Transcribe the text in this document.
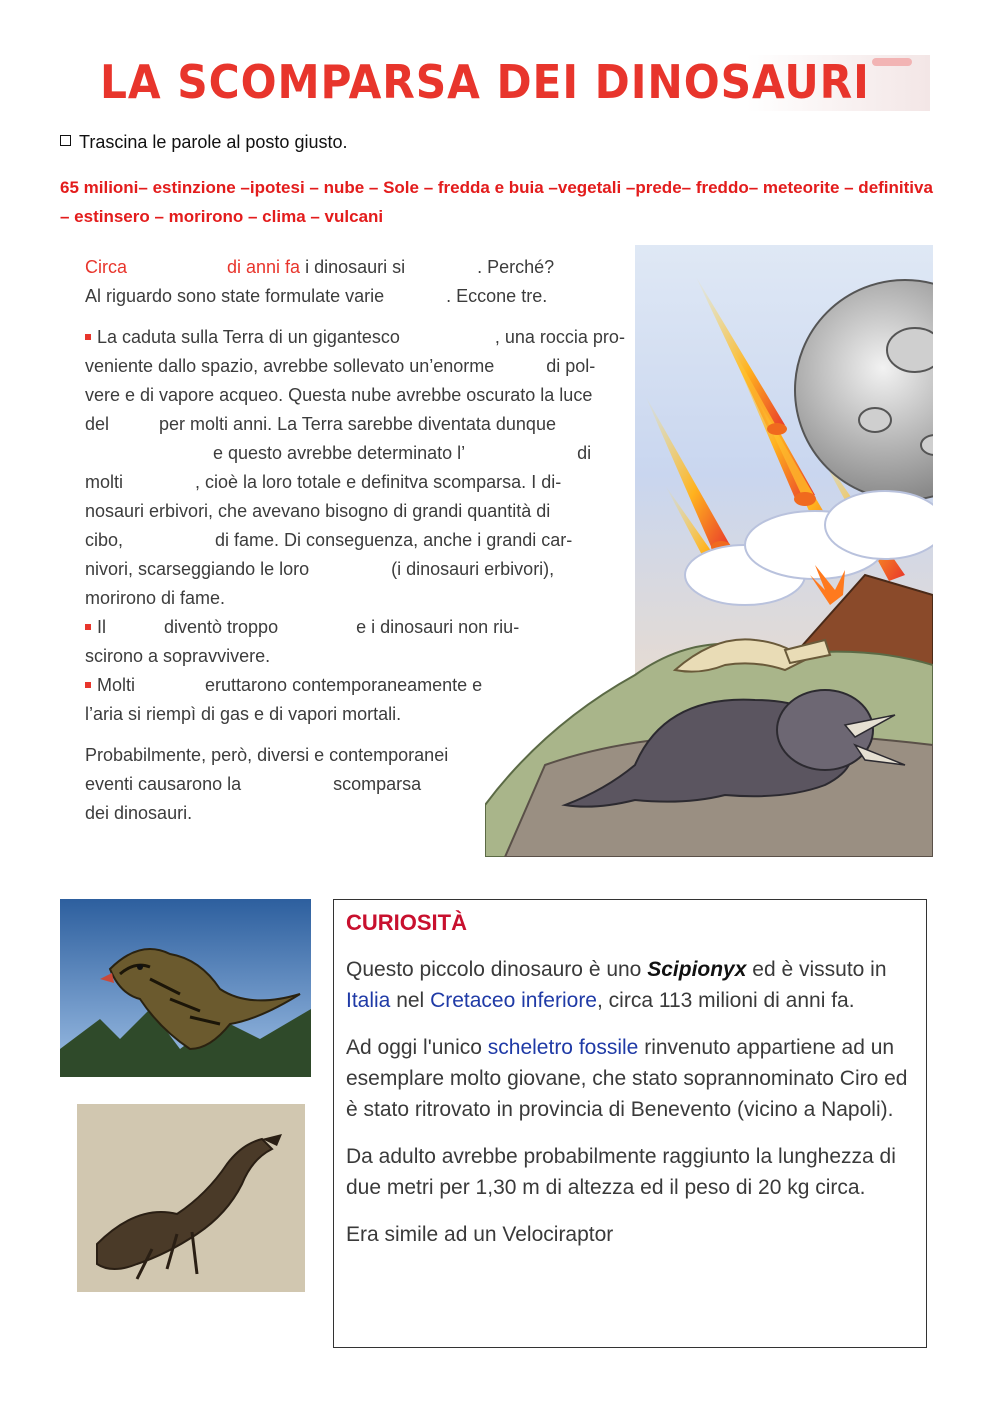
LA SCOMPARSA DEI DINOSAURI
Trascina le parole al posto giusto.
65 milioni– estinzione –ipotesi – nube – Sole – fredda e buia –vegetali –prede– freddo– meteorite – definitiva
– estinsero – morirono – clima – vulcani
Circa	di anni fa i dinosauri si	. Perché?
Al riguardo sono state formulate varie	. Eccone tre.
La caduta sulla Terra di un gigantesco	, una roccia pro-
veniente dallo spazio, avrebbe sollevato un’enorme	di pol-
vere e di vapore acqueo. Questa nube avrebbe oscurato la luce
del	per molti anni. La Terra sarebbe diventata dunque
e questo avrebbe determinato l’	di
molti	, cioè la loro totale e definitva scomparsa. I di-
nosauri erbivori, che avevano bisogno di grandi quantità di
cibo,	di fame. Di conseguenza, anche i grandi car-
nivori, scarseggiando le loro	(i dinosauri erbivori),
morirono di fame.
Il	diventò troppo	e i dinosauri non riu-
scirono a sopravvivere.
Molti	eruttarono contemporaneamente e
l’aria si riempì di gas e di vapori mortali.
Probabilmente, però, diversi e contemporanei
eventi causarono la	scomparsa
dei dinosauri.
CURIOSITÀ

Questo piccolo dinosauro è uno Scipionyx ed è vissuto in Italia nel Cretaceo inferiore, circa 113 milioni di anni fa.

Ad oggi l'unico scheletro fossile rinvenuto appartiene ad un esemplare molto giovane, che stato soprannominato Ciro ed è stato ritrovato in provincia di Benevento (vicino a Napoli).

Da adulto avrebbe probabilmente raggiunto la lunghezza di due metri per 1,30 m di altezza ed il peso di 20 kg circa.

Era simile ad un Velociraptor
